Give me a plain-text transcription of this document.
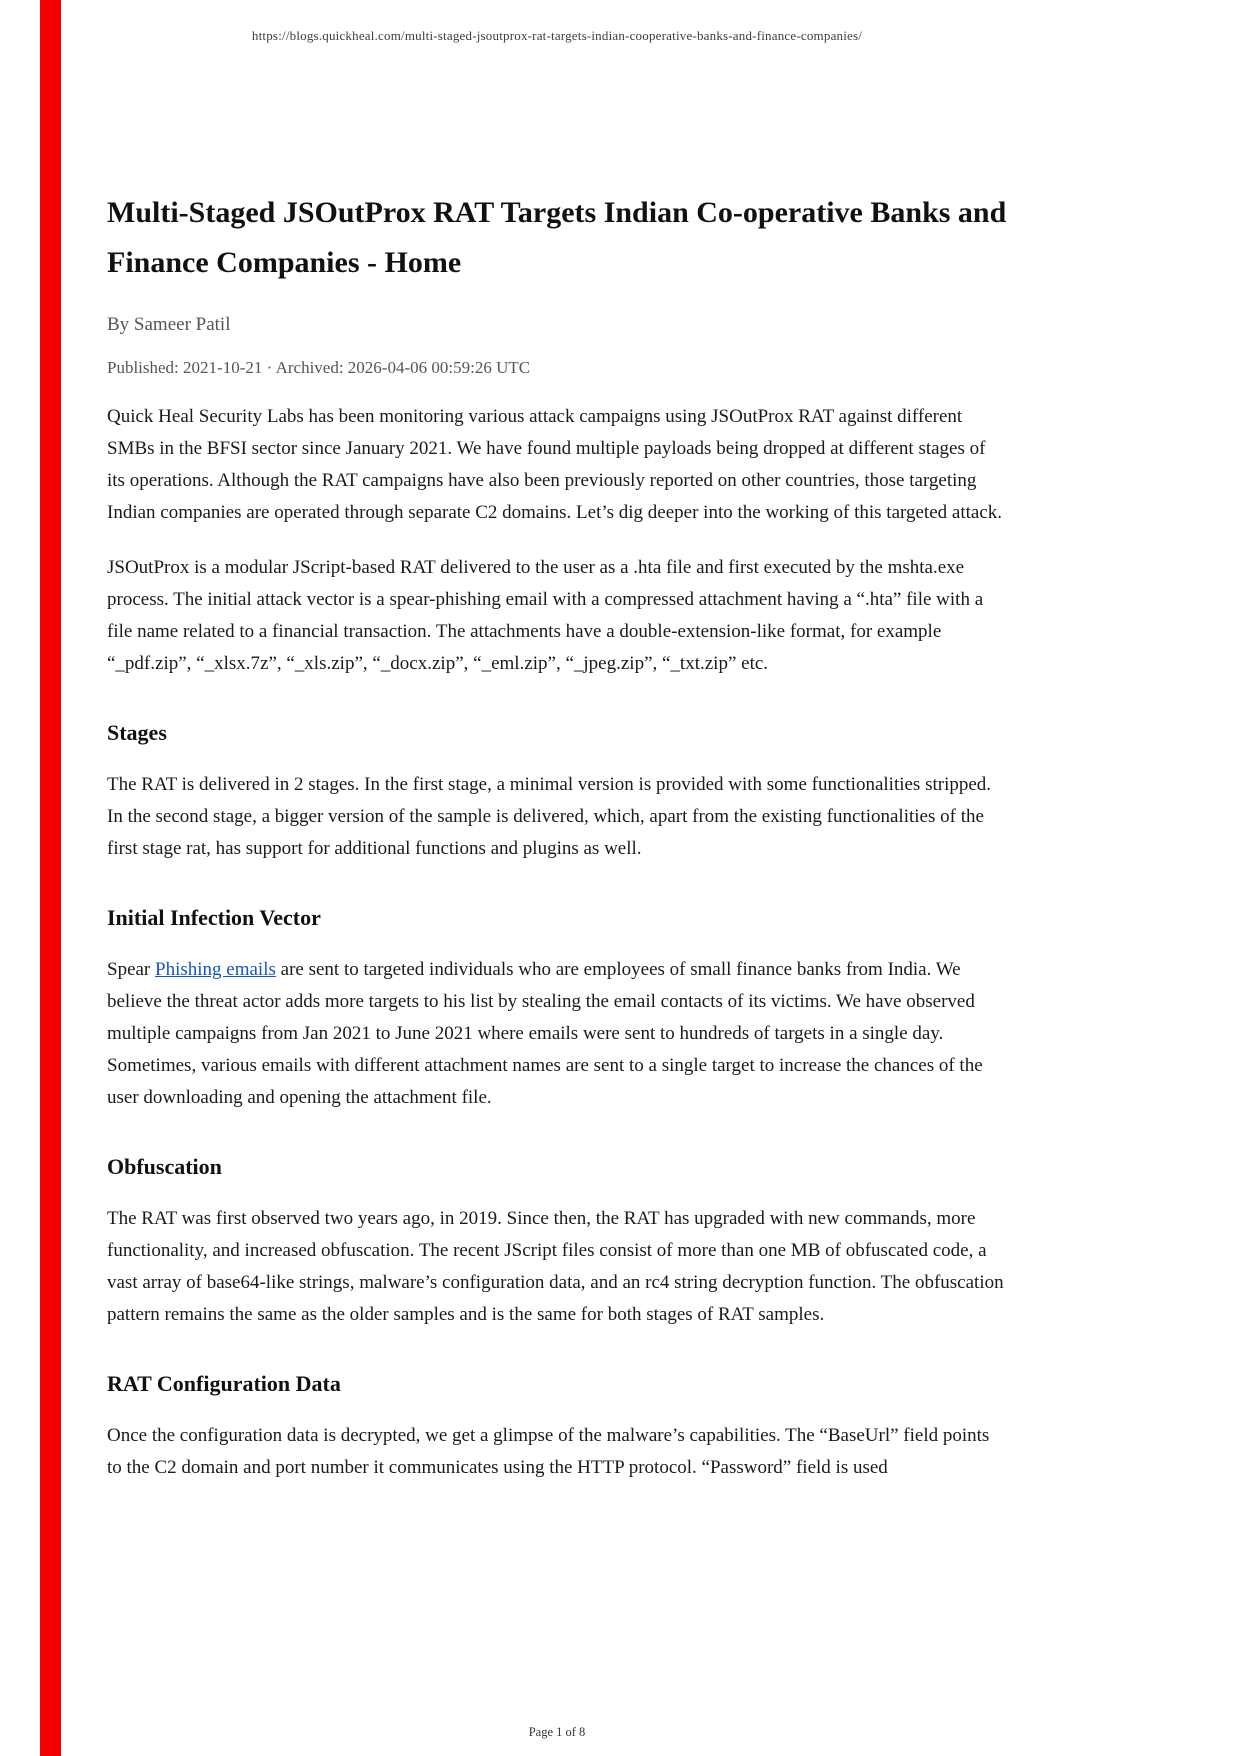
https://blogs.quickheal.com/multi-staged-jsoutprox-rat-targets-indian-cooperative-banks-and-finance-companies/
Multi-Staged JSOutProx RAT Targets Indian Co-operative Banks and Finance Companies - Home

By Sameer Patil

Published: 2021-10-21 · Archived: 2026-04-06 00:59:26 UTC

Quick Heal Security Labs has been monitoring various attack campaigns using JSOutProx RAT against different SMBs in the BFSI sector since January 2021. We have found multiple payloads being dropped at different stages of its operations. Although the RAT campaigns have also been previously reported on other countries, those targeting Indian companies are operated through separate C2 domains. Let’s dig deeper into the working of this targeted attack.

JSOutProx is a modular JScript-based RAT delivered to the user as a .hta file and first executed by the mshta.exe process. The initial attack vector is a spear-phishing email with a compressed attachment having a “.hta” file with a file name related to a financial transaction. The attachments have a double-extension-like format, for example “_pdf.zip”, “_xlsx.7z”, “_xls.zip”, “_docx.zip”, “_eml.zip”, “_jpeg.zip”, “_txt.zip” etc.

Stages

The RAT is delivered in 2 stages. In the first stage, a minimal version is provided with some functionalities stripped. In the second stage, a bigger version of the sample is delivered, which, apart from the existing functionalities of the first stage rat, has support for additional functions and plugins as well.

Initial Infection Vector

Spear Phishing emails are sent to targeted individuals who are employees of small finance banks from India. We believe the threat actor adds more targets to his list by stealing the email contacts of its victims. We have observed multiple campaigns from Jan 2021 to June 2021 where emails were sent to hundreds of targets in a single day. Sometimes, various emails with different attachment names are sent to a single target to increase the chances of the user downloading and opening the attachment file.

Obfuscation

The RAT was first observed two years ago, in 2019. Since then, the RAT has upgraded with new commands, more functionality, and increased obfuscation. The recent JScript files consist of more than one MB of obfuscated code, a vast array of base64-like strings, malware’s configuration data, and an rc4 string decryption function. The obfuscation pattern remains the same as the older samples and is the same for both stages of RAT samples.

RAT Configuration Data

Once the configuration data is decrypted, we get a glimpse of the malware’s capabilities. The “BaseUrl” field points to the C2 domain and port number it communicates using the HTTP protocol. “Password” field is used

Page 1 of 8
